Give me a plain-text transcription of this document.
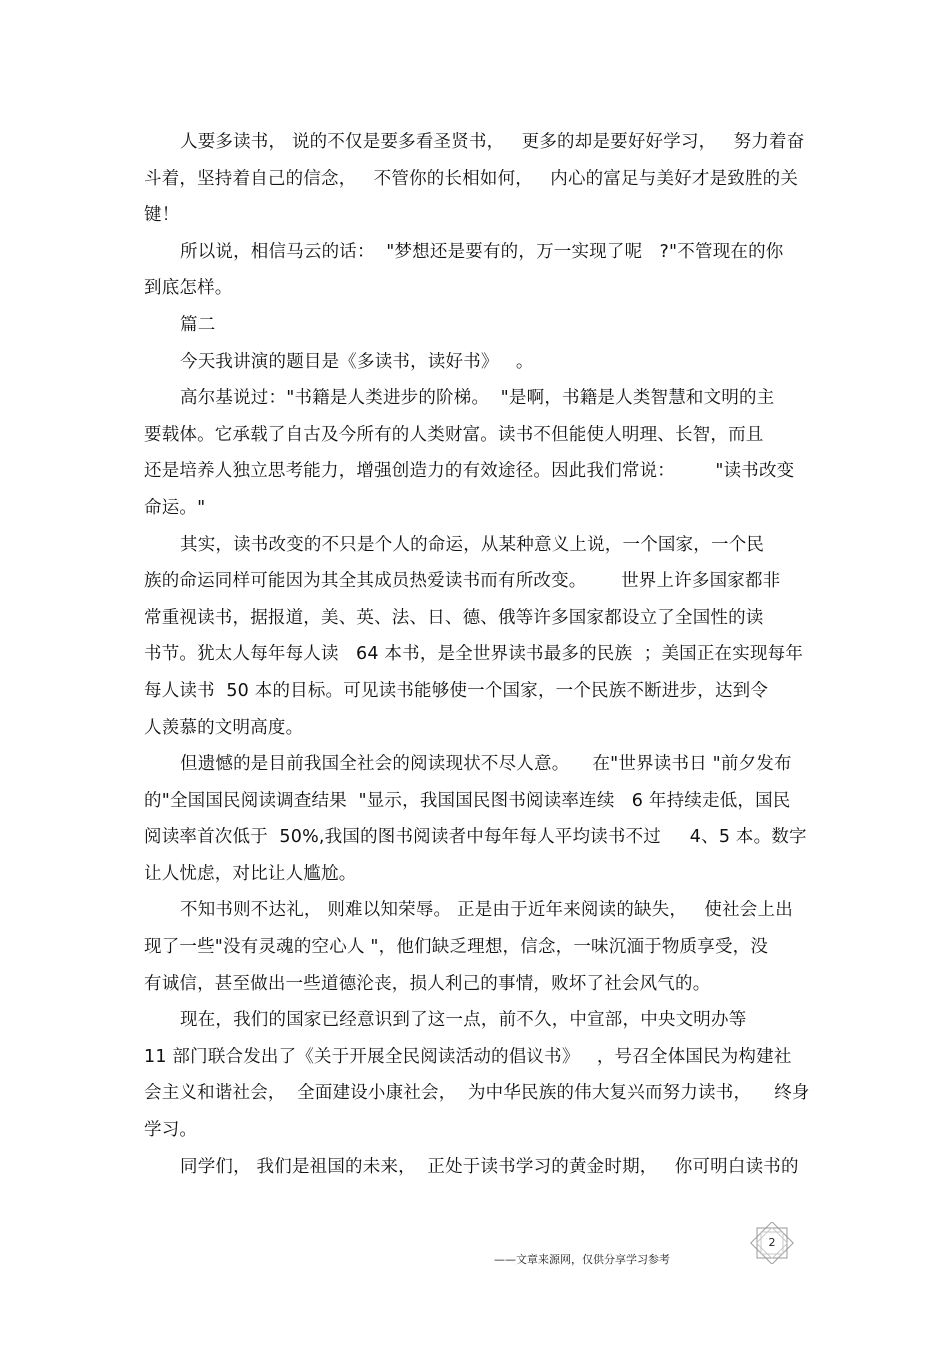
人要多读书， 说的不仅是要多看圣贤书，   更多的却是要好好学习，   努力着奋
斗着，坚持着自己的信念，   不管你的长相如何，   内心的富足与美好才是致胜的关
键！
所以说，相信马云的话：  "梦想还是要有的，万一实现了呢   ?"不管现在的你
到底怎样。
篇二
今天我讲演的题目是《多读书，读好书》   。
高尔基说过："书籍是人类进步的阶梯。  "是啊，书籍是人类智慧和文明的主
要载体。它承载了自古及今所有的人类财富。读书不但能使人明理、长智，而且
还是培养人独立思考能力，增强创造力的有效途径。因此我们常说：       "读书改变
命运。"
其实，读书改变的不只是个人的命运，从某种意义上说，一个国家，一个民
族的命运同样可能因为其全其成员热爱读书而有所改变。      世界上许多国家都非
常重视读书，据报道，美、英、法、日、德、俄等许多国家都设立了全国性的读
书节。犹太人每年每人读   64 本书，是全世界读书最多的民族  ；美国正在实现每年
每人读书  50 本的目标。可见读书能够使一个国家，一个民族不断进步，达到令
人羡慕的文明高度。
但遗憾的是目前我国全社会的阅读现状不尽人意。    在"世界读书日 "前夕发布
的"全国国民阅读调查结果  "显示，我国国民图书阅读率连续   6 年持续走低，国民
阅读率首次低于  50%,我国的图书阅读者中每年每人平均读书不过     4、5 本。数字
让人忧虑，对比让人尴尬。
不知书则不达礼， 则难以知荣辱。 正是由于近年来阅读的缺失，   使社会上出
现了一些"没有灵魂的空心人 "，他们缺乏理想，信念，一味沉湎于物质享受，没
有诚信，甚至做出一些道德沦丧，损人利己的事情，败坏了社会风气的。
现在，我们的国家已经意识到了这一点，前不久，中宣部，中央文明办等
11 部门联合发出了《关于开展全民阅读活动的倡议书》   ，号召全体国民为构建社
会主义和谐社会，  全面建设小康社会，  为中华民族的伟大复兴而努力读书，    终身
学习。
同学们， 我们是祖国的未来，  正处于读书学习的黄金时期，   你可明白读书的
——文章来源网，仅供分享学习参考
2
